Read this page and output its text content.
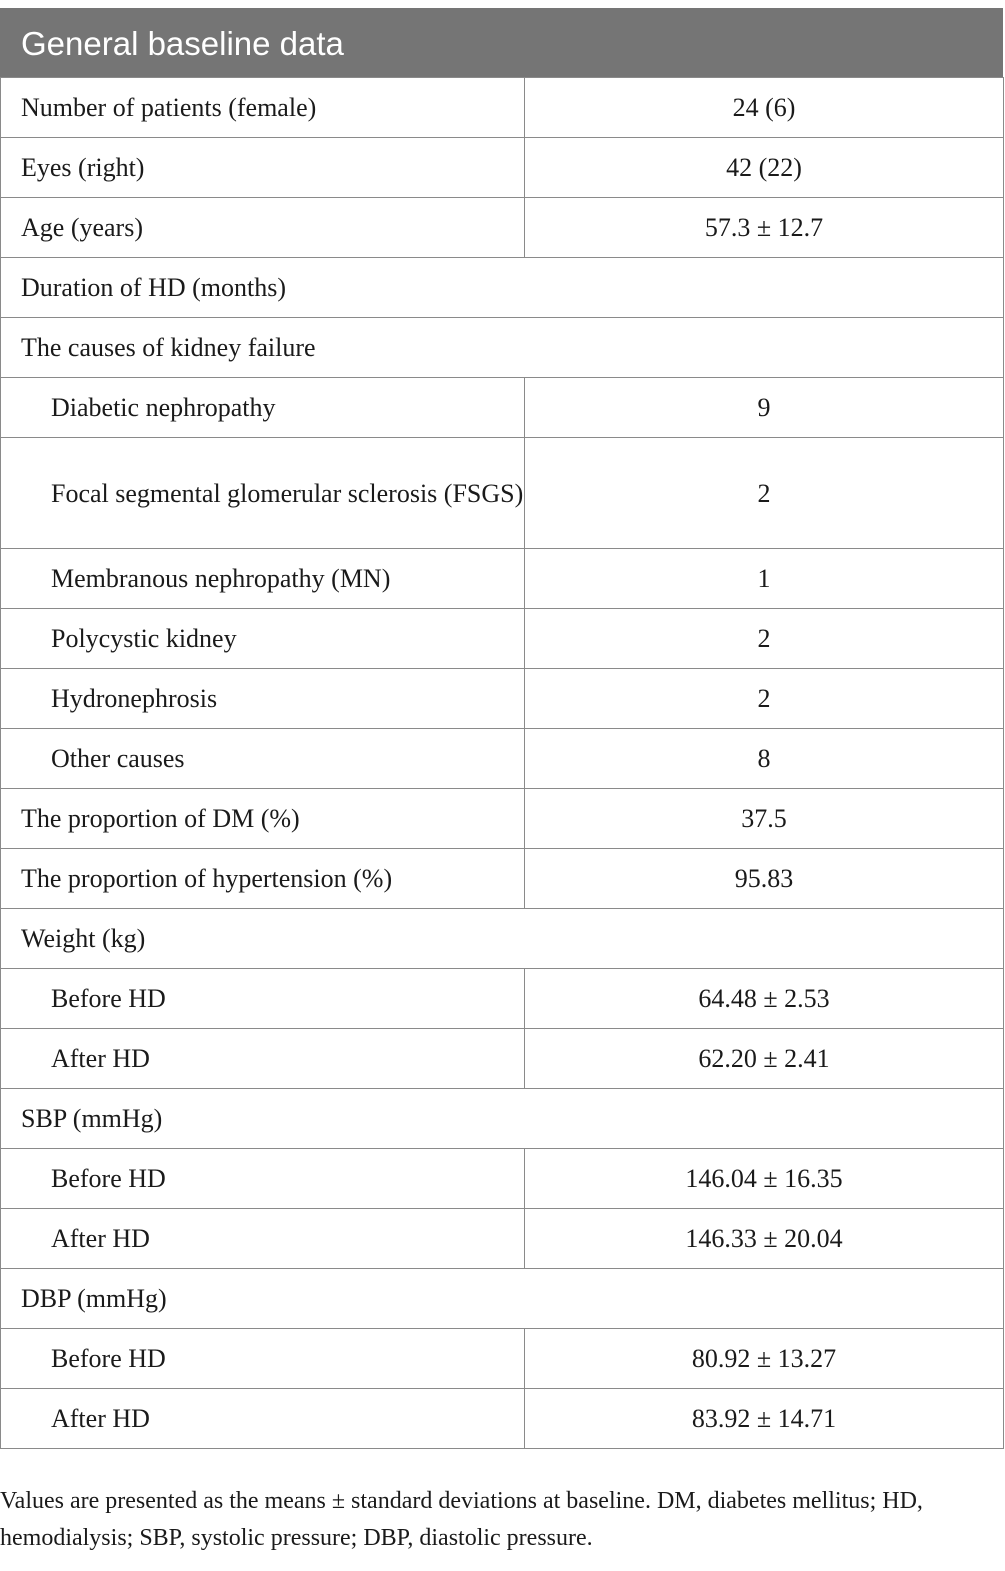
General baseline data
Number of patients (female)	24 (6)
Eyes (right)	42 (22)
Age (years)	57.3 ± 12.7
Duration of HD (months)	
The causes of kidney failure	
Diabetic nephropathy	9
Focal segmental glomerular sclerosis (FSGS)	2
Membranous nephropathy (MN)	1
Polycystic kidney	2
Hydronephrosis	2
Other causes	8
The proportion of DM (%)	37.5
The proportion of hypertension (%)	95.83
Weight (kg)	
Before HD	64.48 ± 2.53
After HD	62.20 ± 2.41
SBP (mmHg)	
Before HD	146.04 ± 16.35
After HD	146.33 ± 20.04
DBP (mmHg)	
Before HD	80.92 ± 13.27
After HD	83.92 ± 14.71
Values are presented as the means ± standard deviations at baseline. DM, diabetes mellitus; HD, hemodialysis; SBP, systolic pressure; DBP, diastolic pressure.
